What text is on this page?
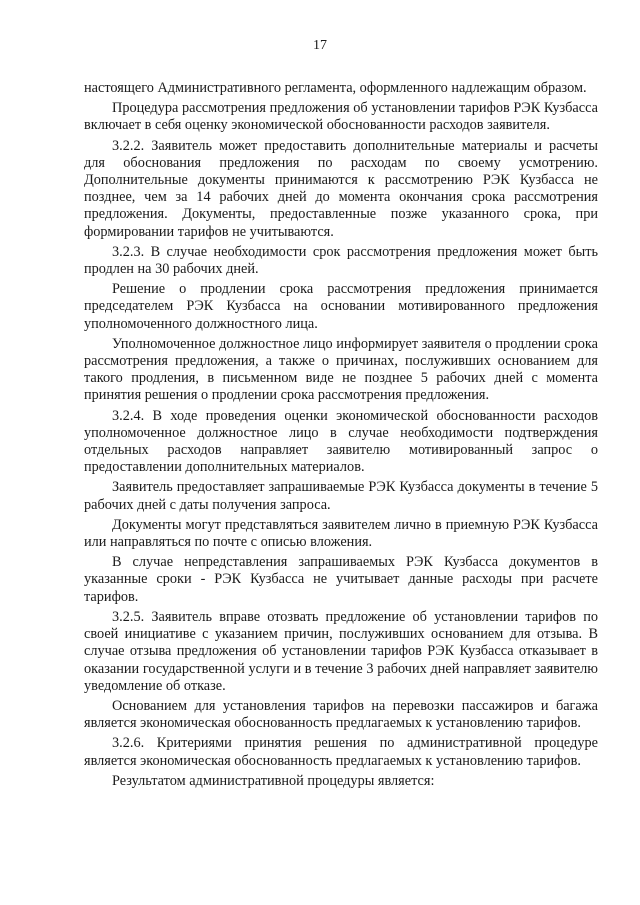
17

настоящего Административного регламента, оформленного надлежащим образом.

Процедура рассмотрения предложения об установлении тарифов РЭК Кузбасса включает в себя оценку экономической обоснованности расходов заявителя.

3.2.2. Заявитель может предоставить дополнительные материалы и расчеты для обоснования предложения по расходам по своему усмотрению. Дополнительные документы принимаются к рассмотрению РЭК Кузбасса не позднее, чем за 14 рабочих дней до момента окончания срока рассмотрения предложения. Документы, предоставленные позже указанного срока, при формировании тарифов не учитываются.

3.2.3. В случае необходимости срок рассмотрения предложения может быть продлен на 30 рабочих дней.

Решение о продлении срока рассмотрения предложения принимается председателем РЭК Кузбасса на основании мотивированного предложения уполномоченного должностного лица.

Уполномоченное должностное лицо информирует заявителя о продлении срока рассмотрения предложения, а также о причинах, послуживших основанием для такого продления, в письменном виде не позднее 5 рабочих дней с момента принятия решения о продлении срока рассмотрения предложения.

3.2.4. В ходе проведения оценки экономической обоснованности расходов уполномоченное должностное лицо в случае необходимости подтверждения отдельных расходов направляет заявителю мотивированный запрос о предоставлении дополнительных материалов.

Заявитель предоставляет запрашиваемые РЭК Кузбасса документы в течение 5 рабочих дней с даты получения запроса.

Документы могут представляться заявителем лично в приемную РЭК Кузбасса или направляться по почте с описью вложения.

В случае непредставления запрашиваемых РЭК Кузбасса документов в указанные сроки - РЭК Кузбасса не учитывает данные расходы при расчете тарифов.

3.2.5. Заявитель вправе отозвать предложение об установлении тарифов по своей инициативе с указанием причин, послуживших основанием для отзыва. В случае отзыва предложения об установлении тарифов РЭК Кузбасса отказывает в оказании государственной услуги и в течение 3 рабочих дней направляет заявителю уведомление об отказе.

Основанием для установления тарифов на перевозки пассажиров и багажа является экономическая обоснованность предлагаемых к установлению тарифов.

3.2.6. Критериями принятия решения по административной процедуре является экономическая обоснованность предлагаемых к установлению тарифов.

Результатом административной процедуры является:
